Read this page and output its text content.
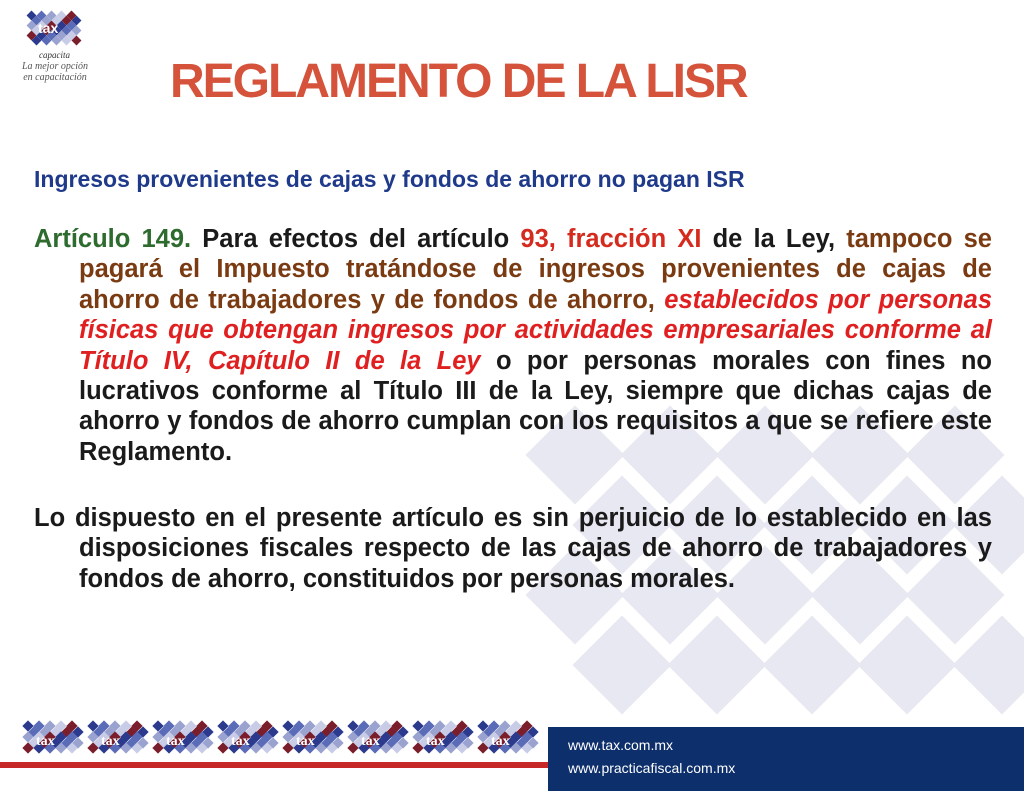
tax
capacita
La mejor opción en capacitación REGLAMENTO DE LA LISR
Ingresos provenientes de cajas y fondos de ahorro no pagan ISR

Artículo 149. Para efectos del artículo 93, fracción XI de la Ley, tampoco se pagará el Impuesto tratándose de ingresos provenientes de cajas de ahorro de trabajadores y de fondos de ahorro, establecidos por personas físicas que obtengan ingresos por actividades empresariales conforme al Título IV, Capítulo II de la Ley o por personas morales con fines no lucrativos conforme al Título III de la Ley, siempre que dichas cajas de ahorro y fondos de ahorro cumplan con los requisitos a que se refiere este Reglamento.

Lo dispuesto en el presente artículo es sin perjuicio de lo establecido en las disposiciones fiscales respecto de las cajas de ahorro de trabajadores y fondos de ahorro, constituidos por personas morales.

tax	tax	tax	tax	tax	tax	tax	tax	www.tax.com.mx
www.practicafiscal.com.mx
